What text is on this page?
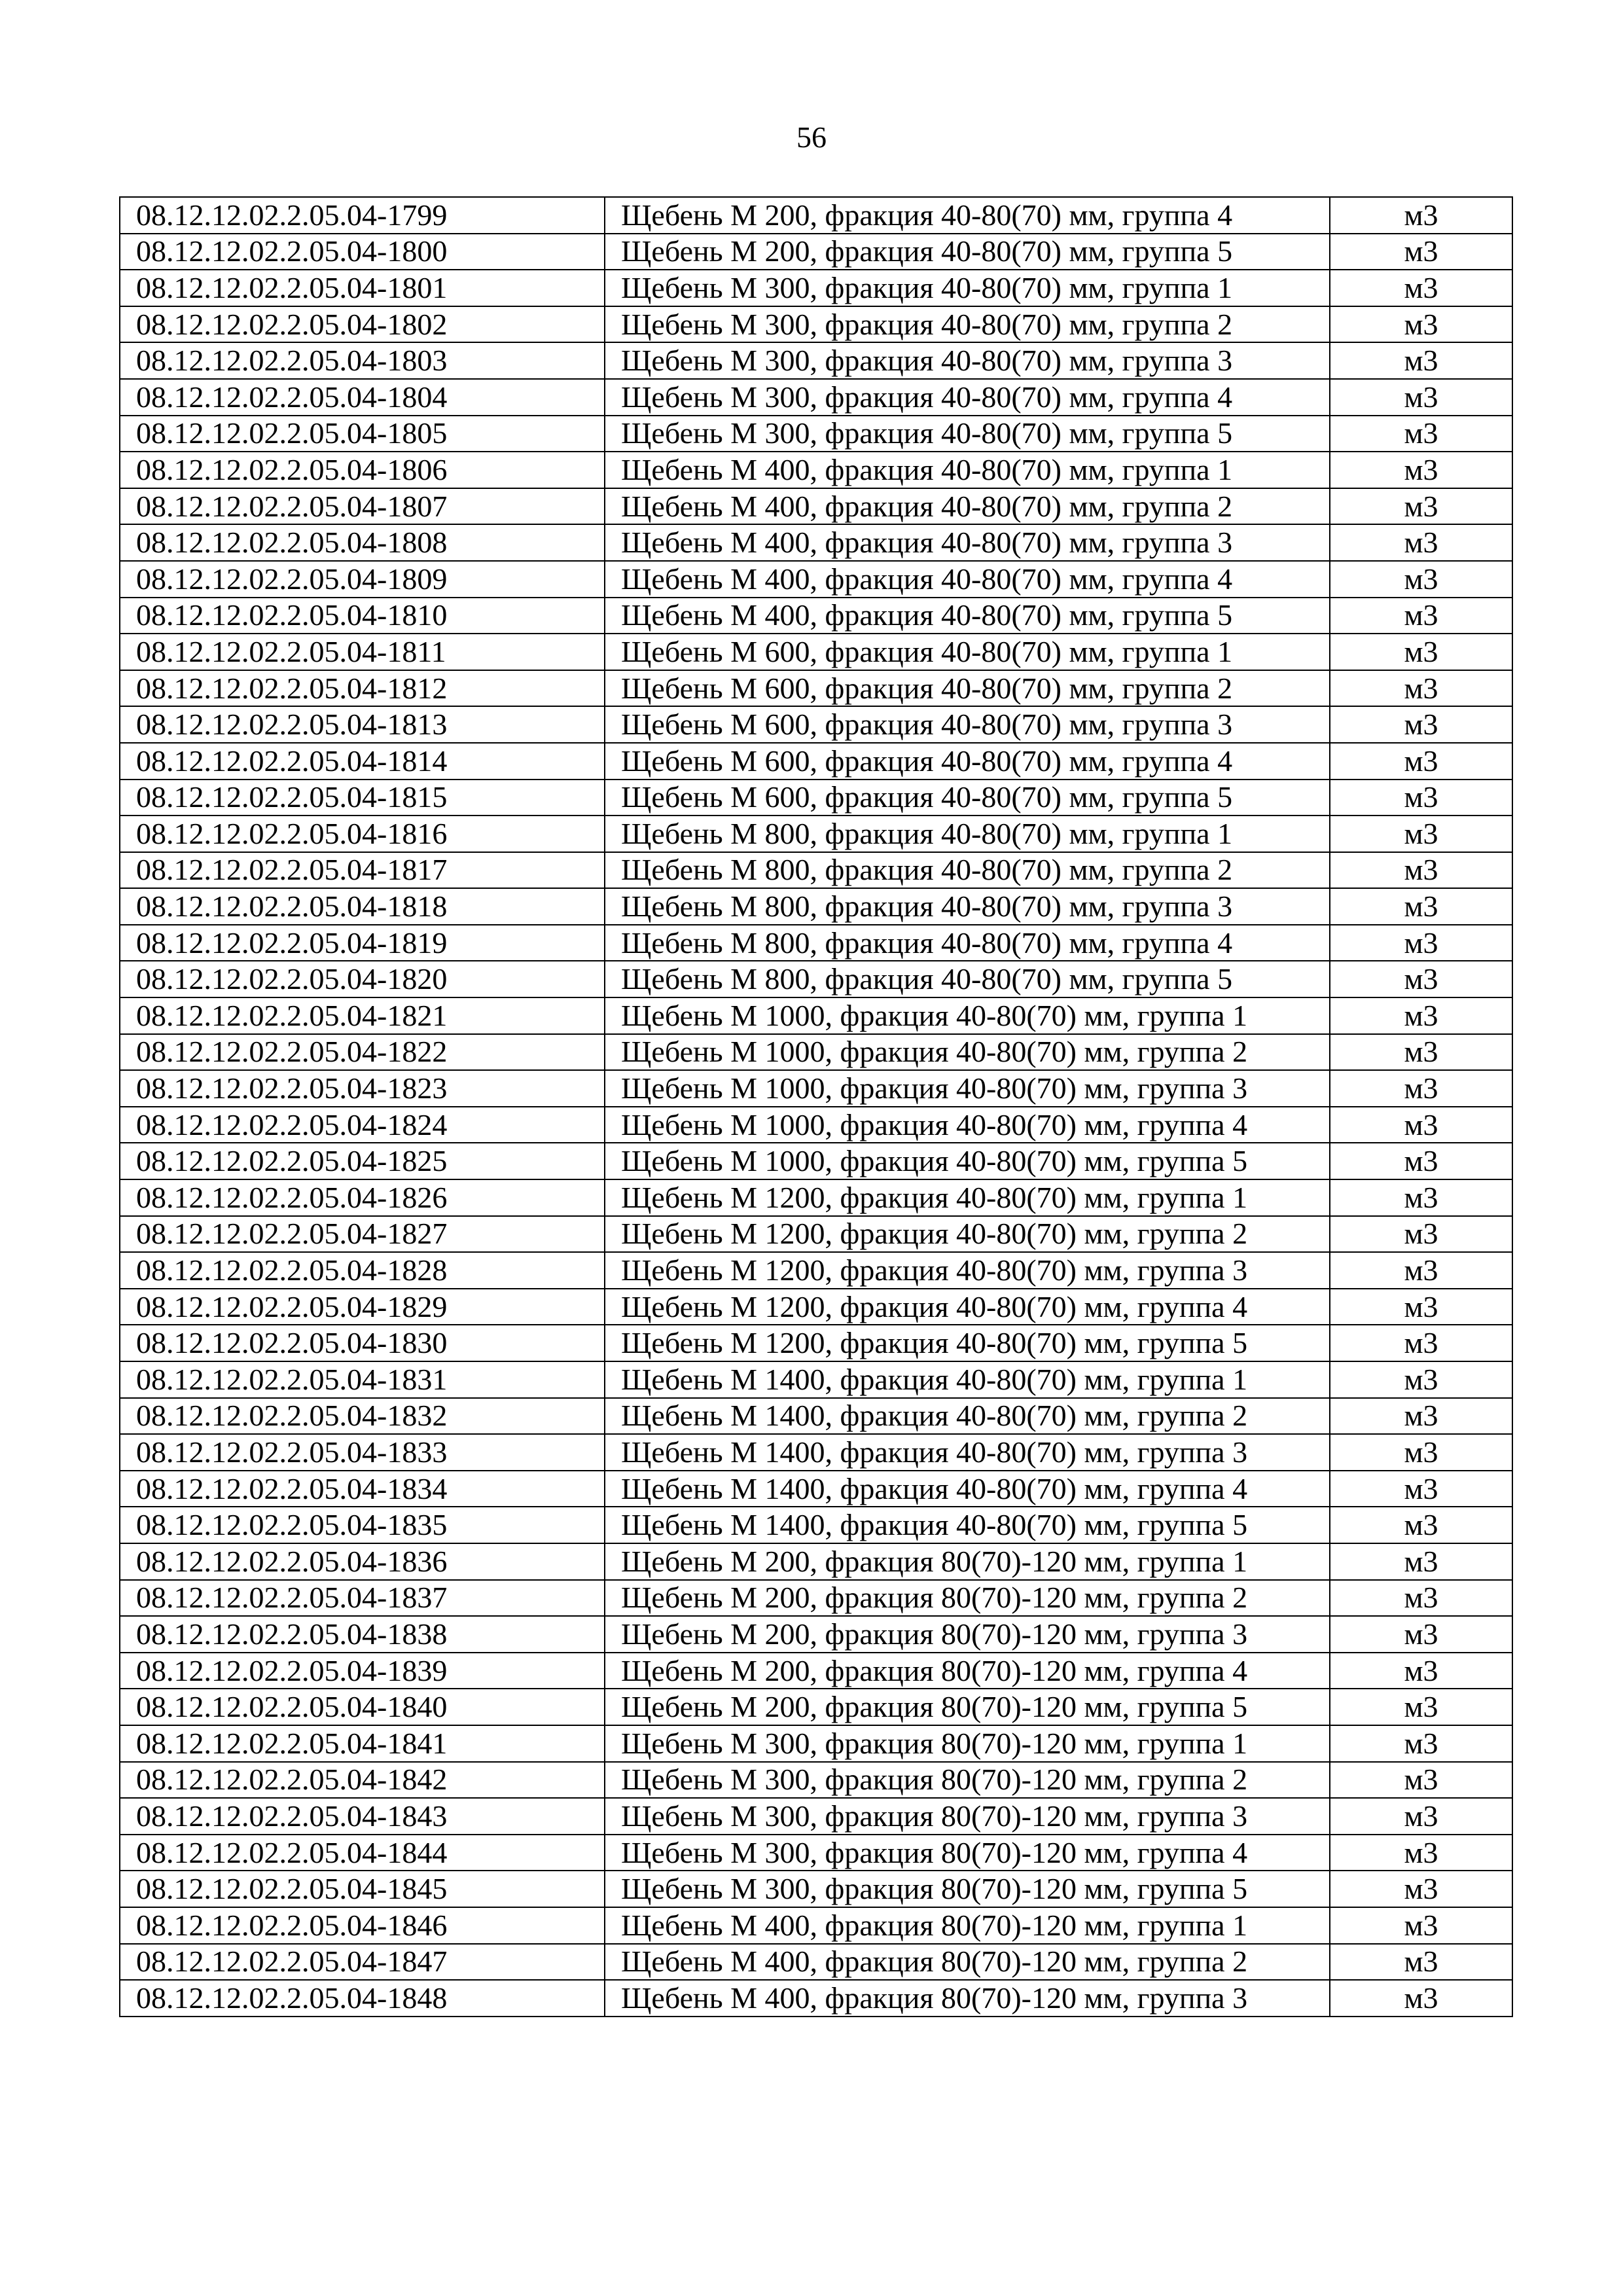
56
08.12.12.02.2.05.04-1799	Щебень М 200, фракция 40-80(70) мм, группа 4	м3
08.12.12.02.2.05.04-1800	Щебень М 200, фракция 40-80(70) мм, группа 5	м3
08.12.12.02.2.05.04-1801	Щебень М 300, фракция 40-80(70) мм, группа 1	м3
08.12.12.02.2.05.04-1802	Щебень М 300, фракция 40-80(70) мм, группа 2	м3
08.12.12.02.2.05.04-1803	Щебень М 300, фракция 40-80(70) мм, группа 3	м3
08.12.12.02.2.05.04-1804	Щебень М 300, фракция 40-80(70) мм, группа 4	м3
08.12.12.02.2.05.04-1805	Щебень М 300, фракция 40-80(70) мм, группа 5	м3
08.12.12.02.2.05.04-1806	Щебень М 400, фракция 40-80(70) мм, группа 1	м3
08.12.12.02.2.05.04-1807	Щебень М 400, фракция 40-80(70) мм, группа 2	м3
08.12.12.02.2.05.04-1808	Щебень М 400, фракция 40-80(70) мм, группа 3	м3
08.12.12.02.2.05.04-1809	Щебень М 400, фракция 40-80(70) мм, группа 4	м3
08.12.12.02.2.05.04-1810	Щебень М 400, фракция 40-80(70) мм, группа 5	м3
08.12.12.02.2.05.04-1811	Щебень М 600, фракция 40-80(70) мм, группа 1	м3
08.12.12.02.2.05.04-1812	Щебень М 600, фракция 40-80(70) мм, группа 2	м3
08.12.12.02.2.05.04-1813	Щебень М 600, фракция 40-80(70) мм, группа 3	м3
08.12.12.02.2.05.04-1814	Щебень М 600, фракция 40-80(70) мм, группа 4	м3
08.12.12.02.2.05.04-1815	Щебень М 600, фракция 40-80(70) мм, группа 5	м3
08.12.12.02.2.05.04-1816	Щебень М 800, фракция 40-80(70) мм, группа 1	м3
08.12.12.02.2.05.04-1817	Щебень М 800, фракция 40-80(70) мм, группа 2	м3
08.12.12.02.2.05.04-1818	Щебень М 800, фракция 40-80(70) мм, группа 3	м3
08.12.12.02.2.05.04-1819	Щебень М 800, фракция 40-80(70) мм, группа 4	м3
08.12.12.02.2.05.04-1820	Щебень М 800, фракция 40-80(70) мм, группа 5	м3
08.12.12.02.2.05.04-1821	Щебень М 1000, фракция 40-80(70) мм, группа 1	м3
08.12.12.02.2.05.04-1822	Щебень М 1000, фракция 40-80(70) мм, группа 2	м3
08.12.12.02.2.05.04-1823	Щебень М 1000, фракция 40-80(70) мм, группа 3	м3
08.12.12.02.2.05.04-1824	Щебень М 1000, фракция 40-80(70) мм, группа 4	м3
08.12.12.02.2.05.04-1825	Щебень М 1000, фракция 40-80(70) мм, группа 5	м3
08.12.12.02.2.05.04-1826	Щебень М 1200, фракция 40-80(70) мм, группа 1	м3
08.12.12.02.2.05.04-1827	Щебень М 1200, фракция 40-80(70) мм, группа 2	м3
08.12.12.02.2.05.04-1828	Щебень М 1200, фракция 40-80(70) мм, группа 3	м3
08.12.12.02.2.05.04-1829	Щебень М 1200, фракция 40-80(70) мм, группа 4	м3
08.12.12.02.2.05.04-1830	Щебень М 1200, фракция 40-80(70) мм, группа 5	м3
08.12.12.02.2.05.04-1831	Щебень М 1400, фракция 40-80(70) мм, группа 1	м3
08.12.12.02.2.05.04-1832	Щебень М 1400, фракция 40-80(70) мм, группа 2	м3
08.12.12.02.2.05.04-1833	Щебень М 1400, фракция 40-80(70) мм, группа 3	м3
08.12.12.02.2.05.04-1834	Щебень М 1400, фракция 40-80(70) мм, группа 4	м3
08.12.12.02.2.05.04-1835	Щебень М 1400, фракция 40-80(70) мм, группа 5	м3
08.12.12.02.2.05.04-1836	Щебень М 200, фракция 80(70)-120 мм, группа 1	м3
08.12.12.02.2.05.04-1837	Щебень М 200, фракция 80(70)-120 мм, группа 2	м3
08.12.12.02.2.05.04-1838	Щебень М 200, фракция 80(70)-120 мм, группа 3	м3
08.12.12.02.2.05.04-1839	Щебень М 200, фракция 80(70)-120 мм, группа 4	м3
08.12.12.02.2.05.04-1840	Щебень М 200, фракция 80(70)-120 мм, группа 5	м3
08.12.12.02.2.05.04-1841	Щебень М 300, фракция 80(70)-120 мм, группа 1	м3
08.12.12.02.2.05.04-1842	Щебень М 300, фракция 80(70)-120 мм, группа 2	м3
08.12.12.02.2.05.04-1843	Щебень М 300, фракция 80(70)-120 мм, группа 3	м3
08.12.12.02.2.05.04-1844	Щебень М 300, фракция 80(70)-120 мм, группа 4	м3
08.12.12.02.2.05.04-1845	Щебень М 300, фракция 80(70)-120 мм, группа 5	м3
08.12.12.02.2.05.04-1846	Щебень М 400, фракция 80(70)-120 мм, группа 1	м3
08.12.12.02.2.05.04-1847	Щебень М 400, фракция 80(70)-120 мм, группа 2	м3
08.12.12.02.2.05.04-1848	Щебень М 400, фракция 80(70)-120 мм, группа 3	м3
